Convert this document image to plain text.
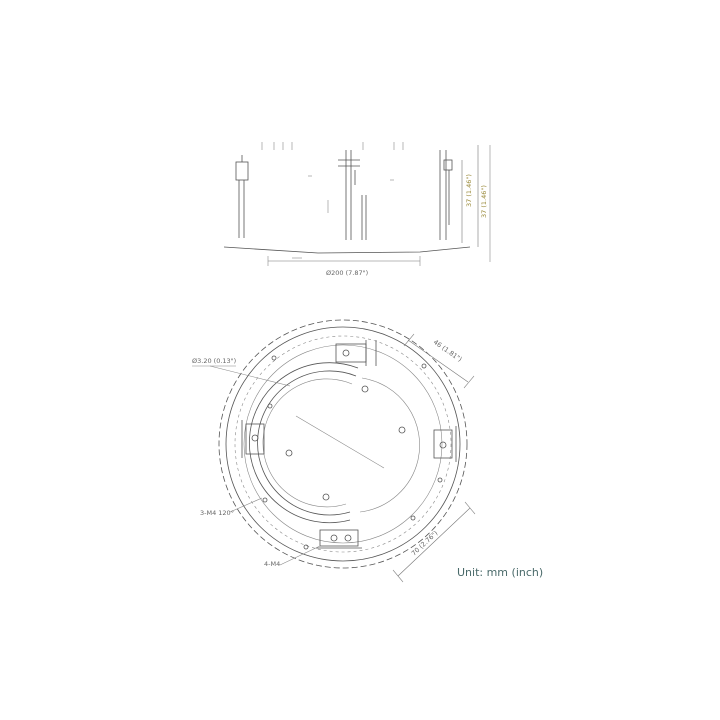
Ø200 (7.87")
37 (1.46") 37 (1.46")
Ø3.20 (0.13")
3-M4 120°
4-M4
46 (1.81")
70 (2.76")
Unit: mm (inch)
